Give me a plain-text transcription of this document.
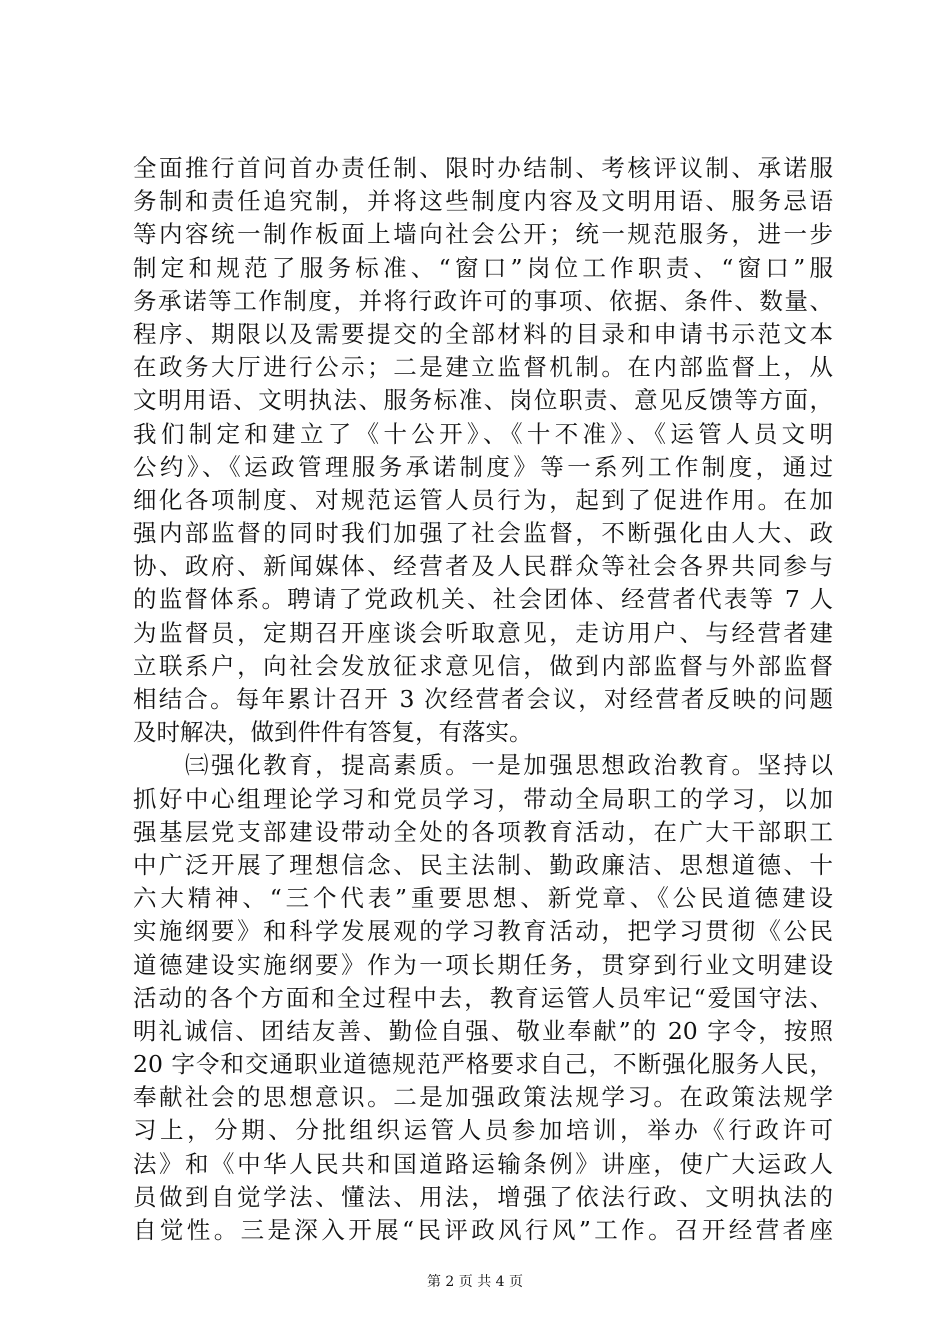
全面推行首问首办责任制、限时办结制、考核评议制、承诺服
务制和责任追究制，并将这些制度内容及文明用语、服务忌语
等内容统一制作板面上墙向社会公开；统一规范服务，进一步
制定和规范了服务标准、“窗口”岗位工作职责、“窗口”服
务承诺等工作制度，并将行政许可的事项、依据、条件、数量、
程序、期限以及需要提交的全部材料的目录和申请书示范文本
在政务大厅进行公示；二是建立监督机制。在内部监督上，从
文明用语、文明执法、服务标准、岗位职责、意见反馈等方面，
我们制定和建立了《十公开》、《十不准》、《运管人员文明
公约》、《运政管理服务承诺制度》等一系列工作制度，通过
细化各项制度、对规范运管人员行为，起到了促进作用。在加
强内部监督的同时我们加强了社会监督，不断强化由人大、政
协、政府、新闻媒体、经营者及人民群众等社会各界共同参与
的监督体系。聘请了党政机关、社会团体、经营者代表等 7 人
为监督员，定期召开座谈会听取意见，走访用户、与经营者建
立联系户，向社会发放征求意见信，做到内部监督与外部监督
相结合。每年累计召开 3 次经营者会议，对经营者反映的问题
及时解决，做到件件有答复，有落实。
　　㈢强化教育，提高素质。一是加强思想政治教育。坚持以
抓好中心组理论学习和党员学习，带动全局职工的学习，以加
强基层党支部建设带动全处的各项教育活动，在广大干部职工
中广泛开展了理想信念、民主法制、勤政廉洁、思想道德、十
六大精神、“三个代表”重要思想、新党章、《公民道德建设
实施纲要》和科学发展观的学习教育活动，把学习贯彻《公民
道德建设实施纲要》作为一项长期任务，贯穿到行业文明建设
活动的各个方面和全过程中去，教育运管人员牢记“爱国守法、
明礼诚信、团结友善、勤俭自强、敬业奉献”的 20 字令，按照
20 字令和交通职业道德规范严格要求自己，不断强化服务人民，
奉献社会的思想意识。二是加强政策法规学习。在政策法规学
习上，分期、分批组织运管人员参加培训，举办《行政许可
法》和《中华人民共和国道路运输条例》讲座，使广大运政人
员做到自觉学法、懂法、用法，增强了依法行政、文明执法的
自觉性。三是深入开展“民评政风行风”工作。召开经营者座
第 2 页 共 4 页
